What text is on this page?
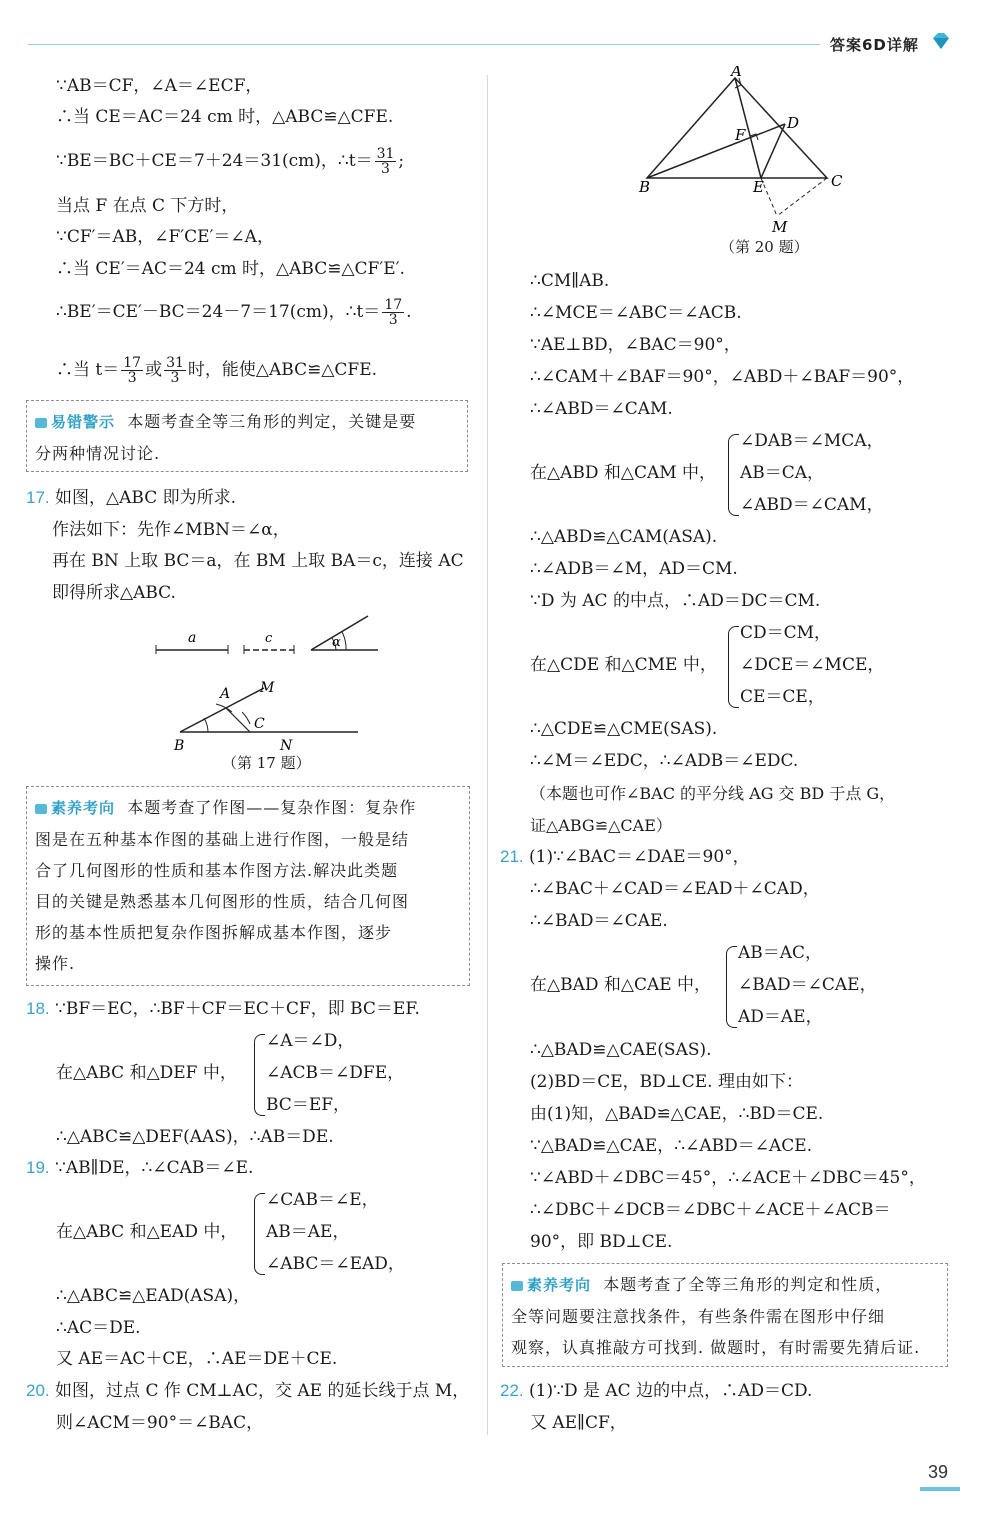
答案6D详解
∵AB＝CF，∠A＝∠ECF，
∴当 CE＝AC＝24 cm 时，△ABC≌△CFE.
∵BE＝BC＋CE＝7＋24＝31(cm)，∴t＝ $\frac{31}{3}$ ;
当点 F 在点 C 下方时，
∵CF′＝AB，∠F′CE′＝∠A，
∴当 CE′＝AC＝24 cm 时，△ABC≌△CF′E′.
∴BE′＝CE′－BC＝24－7＝17(cm)，∴t＝ $\frac{17}{3}$ .
∴当 $t= \frac{17}{3}$ 或 $\frac{31}{3}$ 时，能使△ABC≌△CFE.
易错警示 本题考查全等三角形的判定，关键是要
分两种情况讨论.
17. 如图，△ABC 即为所求.
作法如下：先作∠MBN＝∠α，
再在 BN 上取 BC＝a，在 BM 上取 BA＝c，连接 AC
即得所求△ABC.
a	c	α
A M
B
C
N
（第 17 题）
素养考向 本题考查了作图——复杂作图：复杂作
图是在五种基本作图的基础上进行作图，一般是结
合了几何图形的性质和基本作图方法.解决此类题
目的关键是熟悉基本几何图形的性质，结合几何图
形的基本性质把复杂作图拆解成基本作图，逐步
操作.
18. ∵BF＝EC，∴BF＋CF＝EC＋CF，即 BC＝EF.
在△ABC 和△DEF 中，
∠A＝∠D，
∠ACB＝∠DFE，
BC＝EF，
∴△ABC≌△DEF(AAS)，∴AB＝DE.
19. ∵AB∥DE，∴∠CAB＝∠E.
在△ABC 和△EAD 中，
∠CAB＝∠E，
AB＝AE，
∠ABC＝∠EAD，
∴△ABC≌△EAD(ASA)，
∴AC＝DE.
又 AE＝AC＋CE，∴AE＝DE＋CE.
20. 如图，过点 C 作 CM⊥AC，交 AE 的延长线于点 M，
则∠ACM＝90°＝∠BAC，
A
B	C
D
E
F
M
（第 20 题）
∴CM∥AB.
∴∠MCE＝∠ABC＝∠ACB.
∵AE⊥BD，∠BAC＝90°，
∴∠CAM＋∠BAF＝90°，∠ABD＋∠BAF＝90°，
∴∠ABD＝∠CAM.
在△ABD 和△CAM 中，
∠DAB＝∠MCA，
AB＝CA，
∠ABD＝∠CAM，
∴△ABD≌△CAM(ASA).
∴∠ADB＝∠M，AD＝CM.
∵D 为 AC 的中点，∴AD＝DC＝CM.
在△CDE 和△CME 中，
CD＝CM，
∠DCE＝∠MCE，
CE＝CE，
∴△CDE≌△CME(SAS).
∴∠M＝∠EDC，∴∠ADB＝∠EDC.
（本题也可作∠BAC 的平分线 AG 交 BD 于点 G，
证△ABG≌△CAE）
21. (1)∵∠BAC＝∠DAE＝90°，
∴∠BAC＋∠CAD＝∠EAD＋∠CAD，
∴∠BAD＝∠CAE.
在△BAD 和△CAE 中，
AB＝AC，
∠BAD＝∠CAE，
AD＝AE，
∴△BAD≌△CAE(SAS).
(2)BD＝CE，BD⊥CE. 理由如下：
由(1)知，△BAD≌△CAE，∴BD＝CE.
∵△BAD≌△CAE，∴∠ABD＝∠ACE.
∵∠ABD＋∠DBC＝45°，∴∠ACE＋∠DBC＝45°，
∴∠DBC＋∠DCB＝∠DBC＋∠ACE＋∠ACB＝
90°，即 BD⊥CE.
素养考向 本题考查了全等三角形的判定和性质，
全等问题要注意找条件，有些条件需在图形中仔细
观察，认真推敲方可找到. 做题时，有时需要先猜后证.
22. (1)∵D 是 AC 边的中点，∴AD＝CD.
又 AE∥CF，
39
